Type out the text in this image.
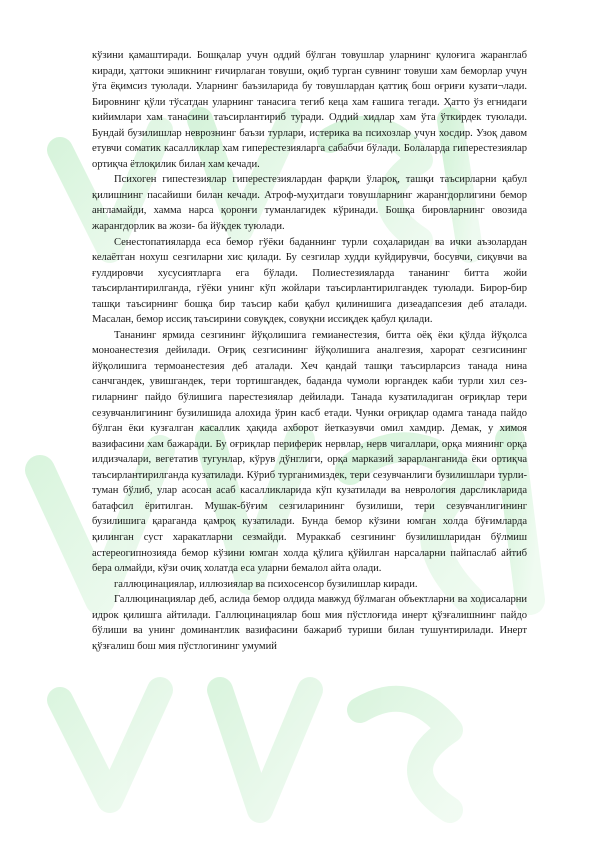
кўзини қамаштиради. Бошқалар учун оддий бўлган товушлар уларнинг қулоғига жаранглаб киради, ҳаттоки эшикнинг ғичирлаган товуши, оқиб турган сувнинг товуши хам беморлар учун ўта ёқимсиз туюлади. Уларнинг баъзиларида бу товушлардан қаттиқ бош оғриғи кузати¬лади. Бировнинг қўли тўсатдан уларнинг танасига тегиб кеца хам ғашига тегади. Ҳатто ўз егнидаги кийимлари хам танасини таъсирлантириб туради. Оддий хидлар хам ўта ўткирдек туюлади. Бундай бузилишлар неврознинг баъзи турлари, истерика ва психозлар учун хосдир. Узоқ давом етувчи соматик касалликлар хам гиперестезияларга сабабчи бўлади. Болаларда гиперестезиялар ортиқча ётлоқилик билан хам кечади.

Психоген гипестезиялар гиперестезиялардан фарқли ўлароқ, ташқи таъсирларни қабул қилишнинг пасайиши билан кечади. Атроф-муҳитдаги товушларнинг жарангдорлигини бемор англамайди, хамма нарса қоронғи туманлагидек кўринади. Бошқа бировларнинг овозида жарангдорлик ва жози- ба йўқдек туюлади.

Сенестопатияларда еса бемор гўёки баданнинг турли соҳаларидан ва ички аъзолардан келаётган нохуш сезгиларни хис қилади. Бу сезгилар худди куйдирувчи, босувчи, сиқувчи ва ғулдировчи хусусиятларга ега бўлади. Полиестезияларда тананинг битта жойи таъсирлантирилганда, гўёки унинг кўп жойлари таъсирлантирилгандек туюлади. Бирор-бир ташқи таъсирнинг бошқа бир таъсир каби қабул қилинишига дизеадапсезия деб аталади. Масалан, бемор иссиқ таъсирини совуқдек, совуқни иссиқдек қабул қилади.

Тананинг ярмида сезгининг йўқолишига гемианестезия, битта оёқ ёки қўлда йўқолса моноанестезия дейилади. Оғриқ сезгисининг йўқолишига аналгезия, харорат сезгисининг йўқолишига термоанестезия деб аталади. Хеч қандай ташқи таъсирларсиз танада нина санчгандек, увишгандек, тери тортишгандек, баданда чумоли юргандек каби турли хил сез- гиларнинг пайдо бўлишига парестезиялар дейилади. Танада кузатиладиган оғриқлар тери сезувчанлигининг бузилишида алохида ўрин касб етади. Чунки оғриқлар одамга танада пайдо бўлган ёки кузғалган касаллик ҳақида ахборот йеткаэувчи омил хамдир. Демак, у химоя вазифасини хам бажаради. Бу оғриқлар периферик нервлар, нерв чигаллари, орқа миянинг орқа илдизчалари, вегетатив тугунлар, кўрув дўнглиги, орқа марказий зарарланганида ёки ортиқча таъсирлантирилганда кузатилади. Кўриб турганимиздек, тери сезувчанлиги бузилишлари турли-туман бўлиб, улар асосан асаб касалликларида кўп кузатилади ва неврология дарсликларида батафсил ёритилган. Мушак-бўғим сезгиларининг бузилиши, тери сезувчанлигининг бузилишига қараганда қамроқ кузатилади. Бунда бемор кўзини юмган холда бўғимларда қилинган суст харакатларни сезмайди. Мураккаб сезгининг бузилишларидан бўлмиш астереогипнозияда бемор кўзини юмган холда қўлига қўйилган нарсаларни пайпаслаб айтиб бера олмайди, кўзи очиқ холатда еса уларни бемалол айта олади.

галлюцинациялар, иллюзиялар ва психосенсор бузилишлар киради.

Галлюцинациялар деб, аслида бемор олдида мавжуд бўлмаган объектларни ва ходисаларни идрок қилишга айтилади. Галлюцинациялар бош мия пўстлоғида инерт қўзғалишнинг пайдо бўлиши ва унинг доминантлик вазифасини бажариб туриши билан тушунтирилади. Инерт қўзғалиш бош мия пўстлогининг умумий
